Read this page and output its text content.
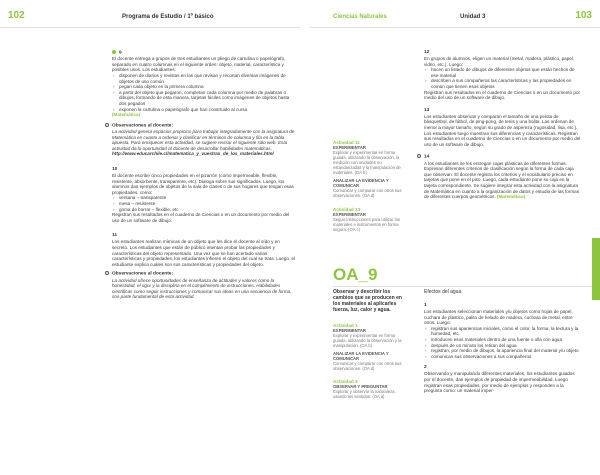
102	Programa de Estudio / 1º básico	Ciencias Naturales	Unidad 3	103
9

El docente entrega a grupos de tres estudiantes un pliego de cartulina o papelógrafo, separado en cuatro columnas en el siguiente orden: objeto, material, característica y posibles usos. Los estudiantes:

› disponen de diarios y revistas en las que revisan y recortan diversas imágenes de objetos de uso común
› pegan cada objeto en la primera columna
› a partir del objeto que pegaron, completan cada columna por medio de palabras o dibujos, formando de esta manera, tarjetas fáciles como imágenes de objetos hasta dos pegados
› exponen la cartulina o papelógrafo que han construido al curso.
(Matemática)
Observaciones al docente:

La actividad genera espacios propicios para trabajar integradamente con la asignatura de Matemática en cuanto a ordenar y clasificar en términos de columna y fila en la tabla apuesta. Para enriquecer esta actividad, se sugiere revisar el siguiente sitio web. Esta actividad da la oportunidad al docente de desarrollar habilidades matemáticas.

http://www.educarchile.cl/matematica_y_vuestras_de_los_materiales.html

10

El docente escribe cinco propiedades en el pizarrón (como impermeable, flexible, resistente, absorbente, transparente, etc). Dialoga sobre sus significados. Luego, los alumnos dan ejemplos de objetos de la sala de clases o de sus hogares que tengan esas propiedades, como:

› ventana – transparente
› mesa – resistente
› goma de borrar – flexible, etc

Registran sus resultados en el cuaderno de Ciencias o en un documento por medio del uso de un software de dibujo.

11

Los estudiantes realizan mímicas de un objeto que les dice el docente al oído y en secreto. Los estudiantes que están de público intentan probar las propiedades y características del objeto representado. Una vez que se han acertado varias características y propiedades, los estudiantes infieren el objeto del cual se trata. Luego, el estudiante explica cuáles son sus características y propiedades del objeto.

Observaciones al docente:

La actividad ofrece oportunidades de enseñanza de actitudes y valores como la honestidad, el rigor y la disciplina en el cumplimiento de instrucciones. Habilidades científicas como seguir instrucciones y comunicar sus ideas en una secuencia de forma, son parte fundamental de esta actividad.

Actividad 11
EXPERIMENTAR
Explorar y experimentar en forma guiada, utilizando la observación, la medición con unidades no estandarizadas y la manipulación de materiales. (OA b)
ANALIZAR LA EVIDENCIA Y COMUNICAR
Comunicar y comparar con otros sus observaciones. (OA d)
Actividad 13
EXPERIMENTAR
Seguir instrucciones para utilizar los materiales e instrumentos en forma segura. (OA c)
OA_9

Observar y describir los cambios que se producen en los materiales al aplicarles fuerza, luz, calor y agua.

Actividad 1
EXPERIMENTAR
Explorar y experimentar en forma guiada, utilizando la observación y la manipulación. (OA b)
ANALIZAR LA EVIDENCIA Y COMUNICAR
Comunicar y comparar con otros sus observaciones. (OA d)
Actividad 3
OBSERVAR Y PREGUNTAR
Explorar y observar la naturaleza, usando los sentidos. (OA a)
12

En grupos de alumnos, eligen un material (metal, madera, plástico, papel, vidrio, etc.). Luego:

› hacen un listado de dibujos de diferentes objetos que están hechos de ese material
› describen a sus compañeros las características y las propiedades en común que tienen esos objetos

Registran sus resultados en el cuaderno de Ciencias o en un documento por medio del uso de un software de dibujo.

13

Los estudiantes observan y comparan el tamaño de una pelota de básquetbol, de fútbol, de ping-pong, de tenis y una bolita. Las ordenan de menor a mayor tamaño, según su grado de aspereza (rugosidad, lisa, etc.). Los estudiantes luego muestran sus diferencias y características. Registran sus resultados en el cuaderno de Ciencias o en un documento por medio del uso de un software de dibujo.

14

A los estudiantes se les entregan cajas plásticas de diferentes formas. Expresan diferentes criterios de clasificación según la forma de cada caja que observan. El docente registra los criterios y el vocabulario preciso en tarjetas que pone en el piso. Luego, cada estudiante pone su caja en la tarjeta correspondiente. Se sugiere integrar esta actividad con la asignatura de Matemática en cuanto a la organización de datos y estudio de las formas de diferentes cuerpos geométricos. (Matemática)

Efectos del agua
1

Los estudiantes seleccionan materiales y/u objetos como hojas de papel, cuchara de plástico, palito de helado de madera, cuchara de metal, entre otros. Luego:

› registran sus apariencias iniciales, como el color, la forma, la textura y la humedad, etc.
› introducen esos materiales dentro de una fuente o olla con agua
› después de un minuto los retiran del agua
› registran, por medio de dibujos, la apariencia final del material y/u objeto
› comunican sus observaciones a sus compañeros
2

Observando y manipulando diferentes materiales, los estudiantes guiados por el docente, dan ejemplos de propiedad de impermeabilidad. Luego registran esas propiedades, por medio de ejemplos y responden a la pregunta como: un material imper-
